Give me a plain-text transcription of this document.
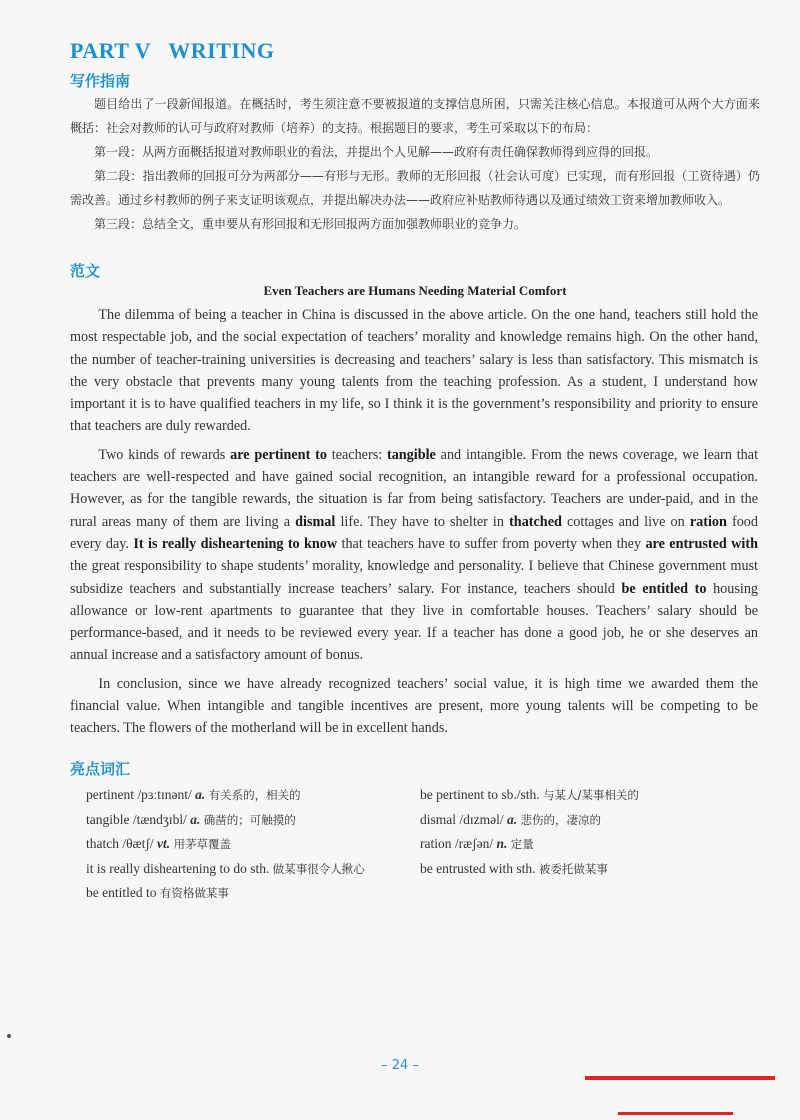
PART V WRITING
写作指南

题目给出了一段新闻报道。在概括时，考生须注意不要被报道的支撑信息所困，只需关注核心信息。本报道可从两个大方面来概括：社会对教师的认可与政府对教师（培养）的支持。根据题目的要求，考生可采取以下的布局：

第一段：从两方面概括报道对教师职业的看法，并提出个人见解——政府有责任确保教师得到应得的回报。

第二段：指出教师的回报可分为两部分——有形与无形。教师的无形回报（社会认可度）已实现，而有形回报（工资待遇）仍需改善。通过乡村教师的例子来支证明该观点，并提出解决办法——政府应补贴教师待遇以及通过绩效工资来增加教师收入。

第三段：总结全文，重申要从有形回报和无形回报两方面加强教师职业的竞争力。

范文
Even Teachers are Humans Needing Material Comfort

The dilemma of being a teacher in China is discussed in the above article. On the one hand, teachers still hold the most respectable job, and the social expectation of teachers’ morality and knowledge remains high. On the other hand, the number of teacher-training universities is decreasing and teachers’ salary is less than satisfactory. This mismatch is the very obstacle that prevents many young talents from the teaching profession. As a student, I understand how important it is to have qualified teachers in my life, so I think it is the government’s responsibility and priority to ensure that teachers are duly rewarded.

Two kinds of rewards are pertinent to teachers: tangible and intangible. From the news coverage, we learn that teachers are well-respected and have gained social recognition, an intangible reward for a professional occupation. However, as for the tangible rewards, the situation is far from being satisfactory. Teachers are under-paid, and in the rural areas many of them are living a dismal life. They have to shelter in thatched cottages and live on ration food every day. It is really disheartening to know that teachers have to suffer from poverty when they are entrusted with the great responsibility to shape students’ morality, knowledge and personality. I believe that Chinese government must subsidize teachers and substantially increase teachers’ salary. For instance, teachers should be entitled to housing allowance or low-rent apartments to guarantee that they live in comfortable houses. Teachers’ salary should be performance-based, and it needs to be reviewed every year. If a teacher has done a good job, he or she deserves an annual increase and a satisfactory amount of bonus.

In conclusion, since we have already recognized teachers’ social value, it is high time we awarded them the financial value. When intangible and tangible incentives are present, more young talents will be competing to be teachers. The flowers of the motherland will be in excellent hands.

亮点词汇
pertinent /pɜːtɪnənt/ a. 有关系的，相关的
tangible /tændʒɪbl/ a. 确凿的；可触摸的
thatch /θætʃ/ vt. 用茅草覆盖
it is really disheartening to do sth. 做某事很令人揪心
be entitled to 有资格做某事
be pertinent to sb./sth. 与某人/某事相关的
dismal /dɪzməl/ a. 悲伤的，凄凉的
ration /ræʃən/ n. 定量
be entrusted with sth. 被委托做某事
– 24 –
